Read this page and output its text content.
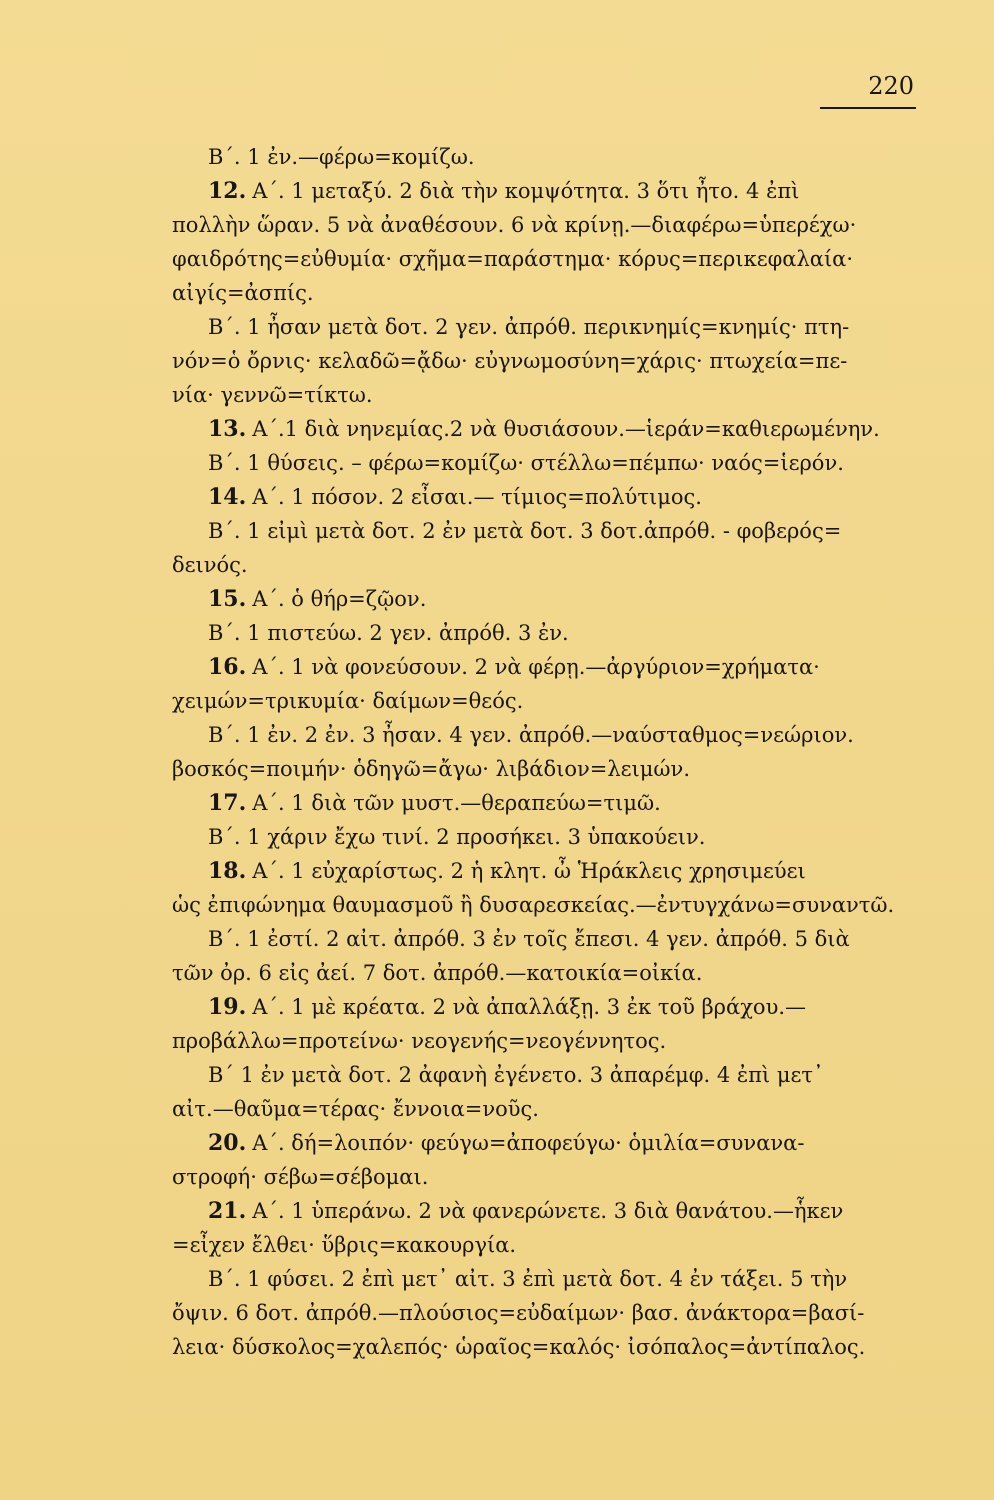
220
Β΄. 1 ἐν.—φέρω=κομίζω.
12. Α΄. 1 μεταξύ. 2 διὰ τὴν κομψότητα. 3 ὅτι ἦτο. 4 ἐπὶ
πολλὴν ὥραν. 5 νὰ ἀναθέσουν. 6 νὰ κρίνῃ.—διαφέρω=ὑπερέχω·
φαιδρότης=εὐθυμία· σχῆμα=παράστημα· κόρυς=περικεφαλαία·
αἰγίς=ἀσπίς.
Β΄. 1 ἦσαν μετὰ δοτ. 2 γεν. ἀπρόθ. περικνημίς=κνημίς· πτη-
νόν=ὁ ὄρνις· κελαδῶ=ᾄδω· εὐγνωμοσύνη=χάρις· πτωχεία=πε-
νία· γεννῶ=τίκτω.
13. Α΄.1 διὰ νηνεμίας.2 νὰ θυσιάσουν.—ἱεράν=καθιερωμένην.
Β΄. 1 θύσεις. – φέρω=κομίζω· στέλλω=πέμπω· ναός=ἱερόν.
14. Α΄. 1 πόσον. 2 εἶσαι.— τίμιος=πολύτιμος.
Β΄. 1 εἰμὶ μετὰ δοτ. 2 ἐν μετὰ δοτ. 3 δοτ.ἀπρόθ. - φοβερός=
δεινός.
15. Α΄. ὁ θήρ=ζῷον.
Β΄. 1 πιστεύω. 2 γεν. ἀπρόθ. 3 ἐν.
16. Α΄. 1 νὰ φονεύσουν. 2 νὰ φέρῃ.—ἀργύριον=χρήματα·
χειμών=τρικυμία· δαίμων=θεός.
Β΄. 1 ἐν. 2 ἐν. 3 ἦσαν. 4 γεν. ἀπρόθ.—ναύσταθμος=νεώριον.
βοσκός=ποιμήν· ὁδηγῶ=ἄγω· λιβάδιον=λειμών.
17. Α΄. 1 διὰ τῶν μυστ.—θεραπεύω=τιμῶ.
Β΄. 1 χάριν ἔχω τινί. 2 προσήκει. 3 ὑπακούειν.
18. Α΄. 1 εὐχαρίστως. 2 ἡ κλητ. ὦ Ἡράκλεις χρησιμεύει
ὡς ἐπιφώνημα θαυμασμοῦ ἢ δυσαρεσκείας.—ἐντυγχάνω=συναντῶ.
Β΄. 1 ἐστί. 2 αἰτ. ἀπρόθ. 3 ἐν τοῖς ἔπεσι. 4 γεν. ἀπρόθ. 5 διὰ
τῶν ὀρ. 6 εἰς ἀεί. 7 δοτ. ἀπρόθ.—κατοικία=οἰκία.
19. Α΄. 1 μὲ κρέατα. 2 νὰ ἀπαλλάξῃ. 3 ἐκ τοῦ βράχου.—
προβάλλω=προτείνω· νεογενής=νεογέννητος.
Β΄ 1 ἐν μετὰ δοτ. 2 ἀφανὴ ἐγένετο. 3 ἀπαρέμφ. 4 ἐπὶ μετ᾽
αἰτ.—θαῦμα=τέρας· ἔννοια=νοῦς.
20. Α΄. δή=λοιπόν· φεύγω=ἀποφεύγω· ὁμιλία=συνανα-
στροφή· σέβω=σέβομαι.
21. Α΄. 1 ὑπεράνω. 2 νὰ φανερώνετε. 3 διὰ θανάτου.—ἧκεν
=εἶχεν ἔλθει· ὕβρις=κακουργία.
Β΄. 1 φύσει. 2 ἐπὶ μετ᾽ αἰτ. 3 ἐπὶ μετὰ δοτ. 4 ἐν τάξει. 5 τὴν
ὄψιν. 6 δοτ. ἀπρόθ.—πλούσιος=εὐδαίμων· βασ. ἀνάκτορα=βασί-
λεια· δύσκολος=χαλεπός· ὡραῖος=καλός· ἰσόπαλος=ἀντίπαλος.
